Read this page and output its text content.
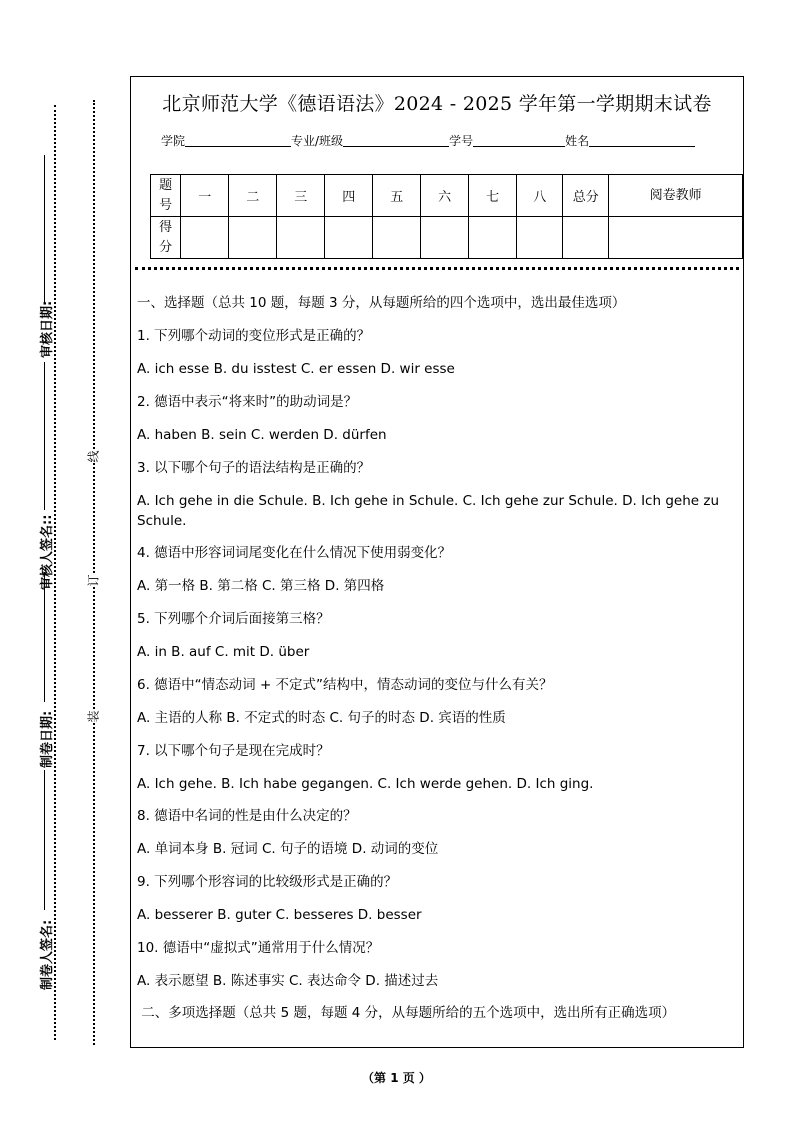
审核日期:
审核人签名::
制卷日期:
制卷人签名:
线
订
装
北京师范大学《德语语法》2024 - 2025 学年第一学期期末试卷
学院	专业/班级	学号	姓名
题号	一	二	三	四	五	六	七	八	总分	阅卷教师
得分										
一、选择题（总共 10 题，每题 3 分，从每题所给的四个选项中，选出最佳选项）
1. 下列哪个动词的变位形式是正确的？
A. ich esse B. du isstest C. er essen D. wir esse
2. 德语中表示“将来时”的助动词是？
A. haben B. sein C. werden D. dürfen
3. 以下哪个句子的语法结构是正确的？
A. Ich gehe in die Schule. B. Ich gehe in Schule. C. Ich gehe zur Schule. D. Ich gehe zu Schule.
4. 德语中形容词词尾变化在什么情况下使用弱变化？
A. 第一格 B. 第二格 C. 第三格 D. 第四格
5. 下列哪个介词后面接第三格？
A. in B. auf C. mit D. über
6. 德语中“情态动词 + 不定式”结构中，情态动词的变位与什么有关？
A. 主语的人称 B. 不定式的时态 C. 句子的时态 D. 宾语的性质
7. 以下哪个句子是现在完成时？
A. Ich gehe. B. Ich habe gegangen. C. Ich werde gehen. D. Ich ging.
8. 德语中名词的性是由什么决定的？
A. 单词本身 B. 冠词 C. 句子的语境 D. 动词的变位
9. 下列哪个形容词的比较级形式是正确的？
A. besserer B. guter C. besseres D. besser
10. 德语中“虚拟式”通常用于什么情况？
A. 表示愿望 B. 陈述事实 C. 表达命令 D. 描述过去
二、多项选择题（总共 5 题，每题 4 分，从每题所给的五个选项中，选出所有正确选项）
（第 1 页 ）
